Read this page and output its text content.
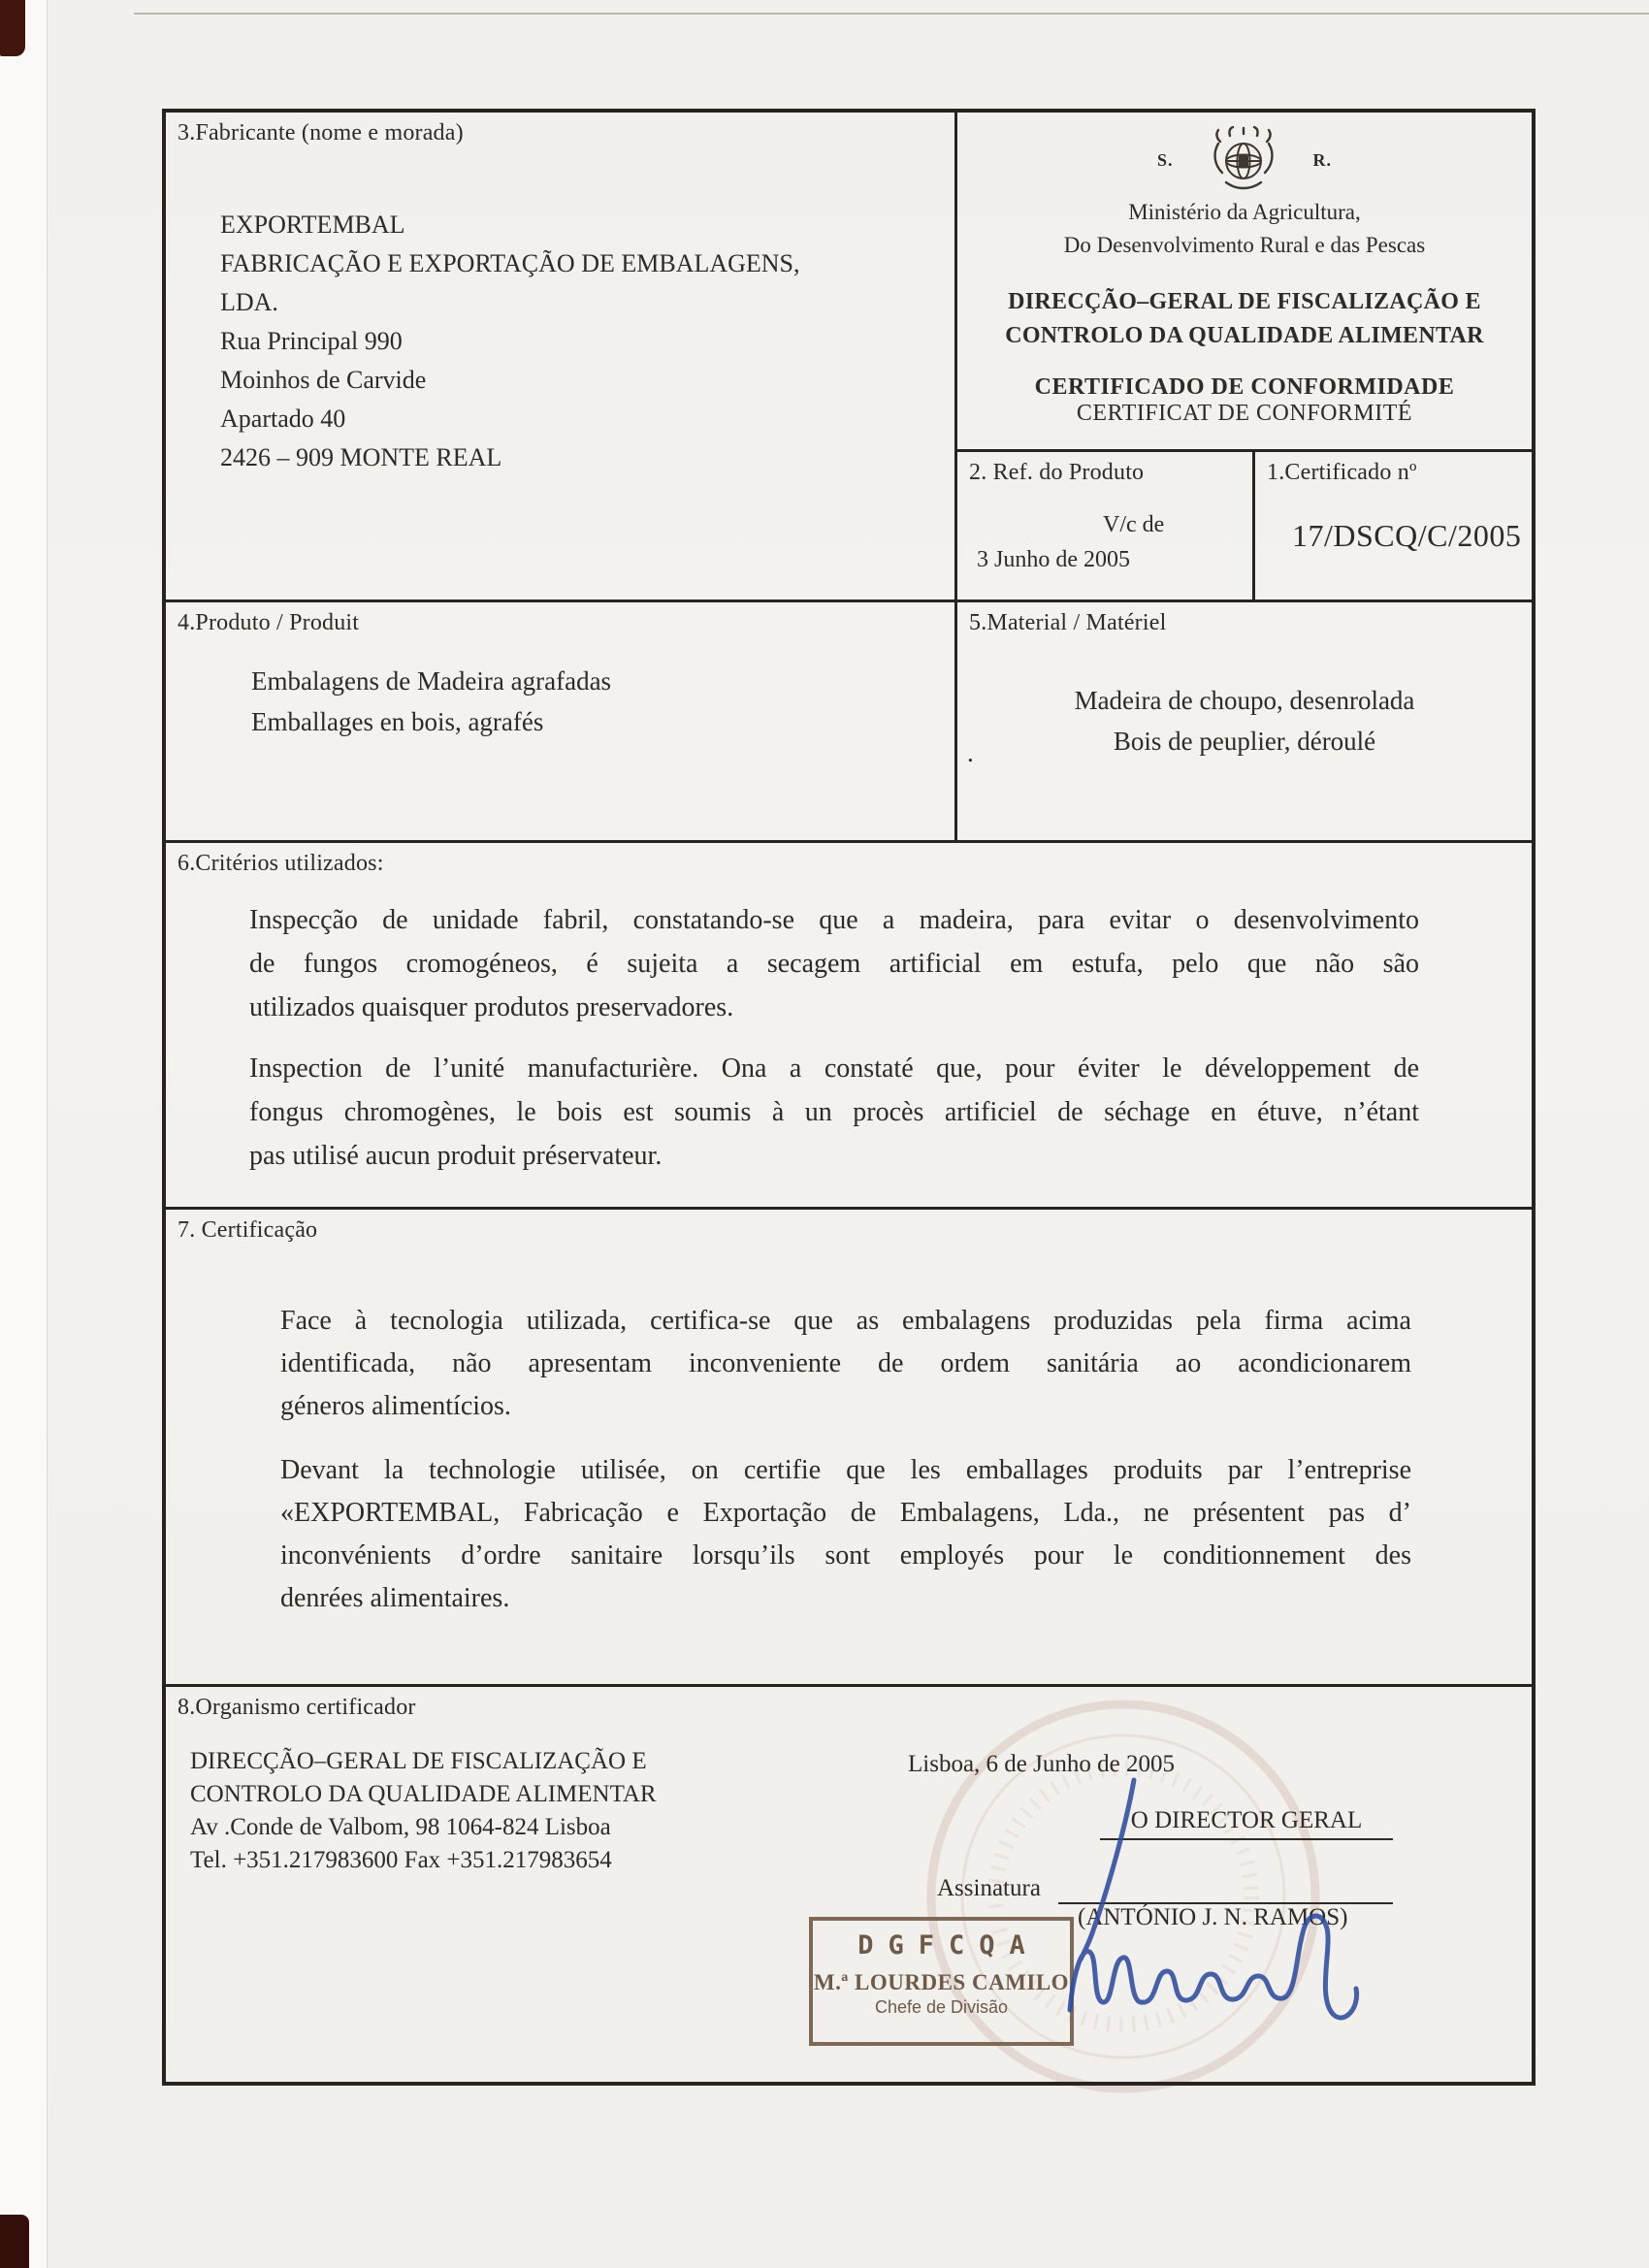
3.Fabricante (nome e morada)
EXPORTEMBAL
FABRICAÇÃO E EXPORTAÇÃO DE EMBALAGENS,
LDA.
Rua Principal 990
Moinhos de Carvide
Apartado 40
2426 – 909 MONTE REAL
S.	R.
Ministério da Agricultura,
Do Desenvolvimento Rural e das Pescas
DIRECÇÃO–GERAL DE FISCALIZAÇÃO E
CONTROLO DA QUALIDADE ALIMENTAR
CERTIFICADO DE CONFORMIDADE
CERTIFICAT DE CONFORMITÉ
2. Ref. do Produto
V/c de
3 Junho de 2005
1.Certificado nº
17/DSCQ/C/2005
4.Produto / Produit
Embalagens de Madeira agrafadas
Emballages en bois, agrafés
5.Material / Matériel
.
Madeira de choupo, desenrolada
Bois de peuplier, déroulé
6.Critérios utilizados:
Inspecção de unidade fabril, constatando-se que a madeira, para evitar o desenvolvimento
de fungos cromogéneos, é sujeita a secagem artificial em estufa, pelo que não são
utilizados quaisquer produtos preservadores.
Inspection de l’unité manufacturière. Ona a constaté que, pour éviter le développement de
fongus chromogènes, le bois est soumis à un procès artificiel de séchage en étuve, n’étant
pas utilisé aucun produit préservateur.
7. Certificação
Face à tecnologia utilizada, certifica-se que as embalagens produzidas pela firma acima
identificada, não apresentam inconveniente de ordem sanitária ao acondicionarem
géneros alimentícios.
Devant la technologie utilisée, on certifie que les emballages produits par l’entreprise
«EXPORTEMBAL, Fabricação e Exportação de Embalagens, Lda., ne présentent pas d’
inconvénients d’ordre sanitaire lorsqu’ils sont employés pour le conditionnement des
denrées alimentaires.
8.Organismo certificador
DIRECÇÃO–GERAL DE FISCALIZAÇÃO E
CONTROLO DA QUALIDADE ALIMENTAR
Av .Conde de Valbom, 98 1064-824 Lisboa
Tel. +351.217983600 Fax +351.217983654
Lisboa, 6 de Junho de 2005
O DIRECTOR GERAL
Assinatura
(ANTÓNIO J. N. RAMOS)
DGFCQA
M.ª LOURDES CAMILO
Chefe de Divisão
